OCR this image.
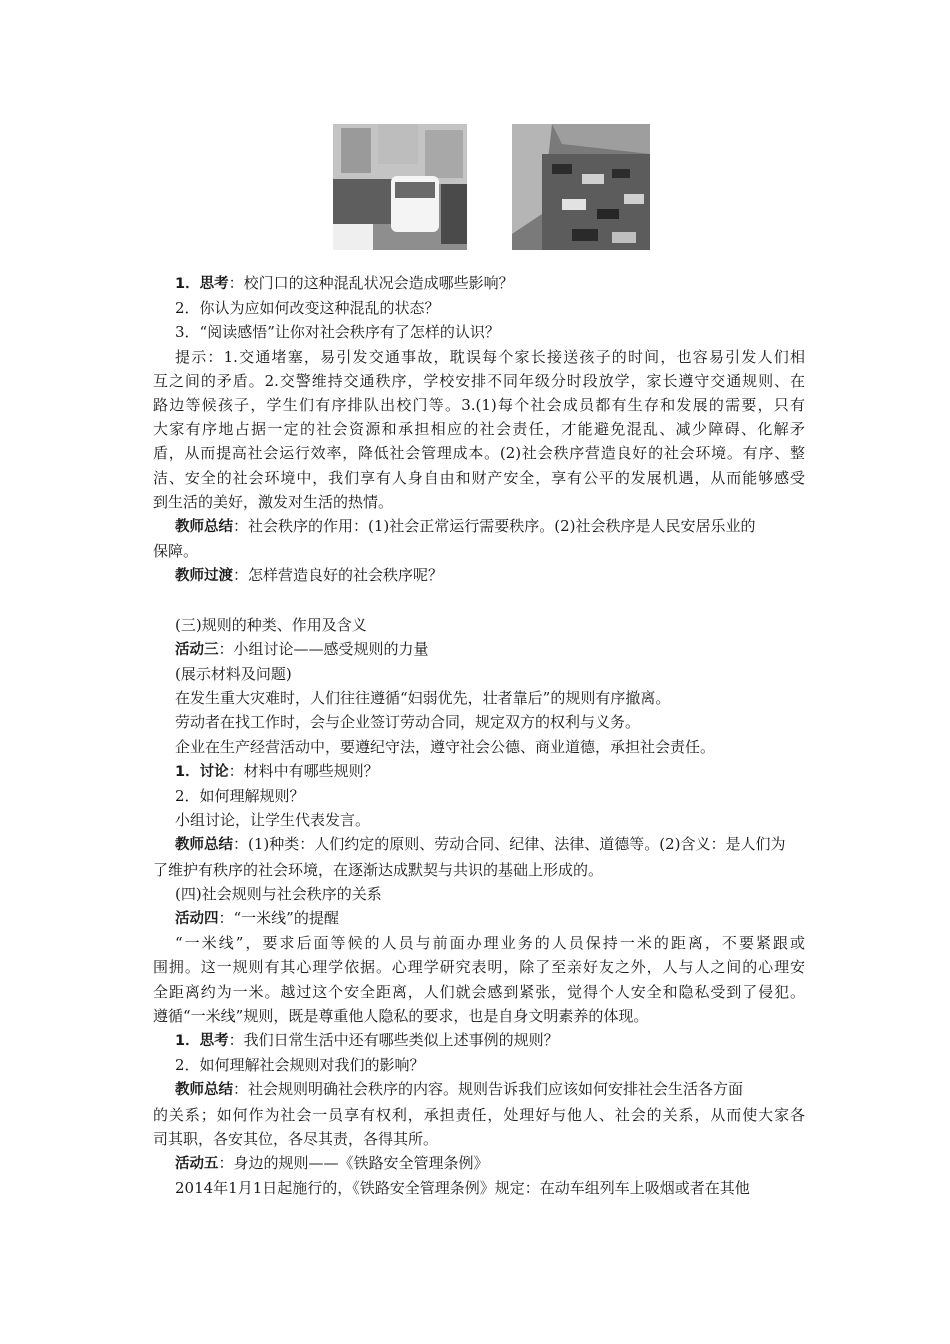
1．思考：校门口的这种混乱状况会造成哪些影响？
2．你认为应如何改变这种混乱的状态？
3．“阅读感悟”让你对社会秩序有了怎样的认识？
提示：1.交通堵塞，易引发交通事故，耽误每个家长接送孩子的时间，也容易引发人们相
互之间的矛盾。2.交警维持交通秩序，学校安排不同年级分时段放学，家长遵守交通规则、在
路边等候孩子，学生们有序排队出校门等。3.(1)每个社会成员都有生存和发展的需要，只有
大家有序地占据一定的社会资源和承担相应的社会责任，才能避免混乱、减少障碍、化解矛
盾，从而提高社会运行效率，降低社会管理成本。(2)社会秩序营造良好的社会环境。有序、整
洁、安全的社会环境中，我们享有人身自由和财产安全，享有公平的发展机遇，从而能够感受
到生活的美好，激发对生活的热情。
教师总结：社会秩序的作用：(1)社会正常运行需要秩序。(2)社会秩序是人民安居乐业的
保障。
教师过渡：怎样营造良好的社会秩序呢？
(三)规则的种类、作用及含义
活动三：小组讨论——感受规则的力量
(展示材料及问题)
在发生重大灾难时，人们往往遵循“妇弱优先，壮者靠后”的规则有序撤离。
劳动者在找工作时，会与企业签订劳动合同，规定双方的权利与义务。
企业在生产经营活动中，要遵纪守法，遵守社会公德、商业道德，承担社会责任。
1．讨论：材料中有哪些规则？
2．如何理解规则？
小组讨论，让学生代表发言。
教师总结：(1)种类：人们约定的原则、劳动合同、纪律、法律、道德等。(2)含义：是人们为
了维护有秩序的社会环境，在逐渐达成默契与共识的基础上形成的。
(四)社会规则与社会秩序的关系
活动四：“一米线”的提醒
“一米线”，要求后面等候的人员与前面办理业务的人员保持一米的距离，不要紧跟或
围拥。这一规则有其心理学依据。心理学研究表明，除了至亲好友之外，人与人之间的心理安
全距离约为一米。越过这个安全距离，人们就会感到紧张，觉得个人安全和隐私受到了侵犯。
遵循“一米线”规则，既是尊重他人隐私的要求，也是自身文明素养的体现。
1．思考：我们日常生活中还有哪些类似上述事例的规则？
2．如何理解社会规则对我们的影响？
教师总结：社会规则明确社会秩序的内容。规则告诉我们应该如何安排社会生活各方面
的关系；如何作为社会一员享有权利，承担责任，处理好与他人、社会的关系，从而使大家各
司其职，各安其位，各尽其责，各得其所。
活动五：身边的规则——《铁路安全管理条例》
2014年1月1日起施行的，《铁路安全管理条例》规定：在动车组列车上吸烟或者在其他
